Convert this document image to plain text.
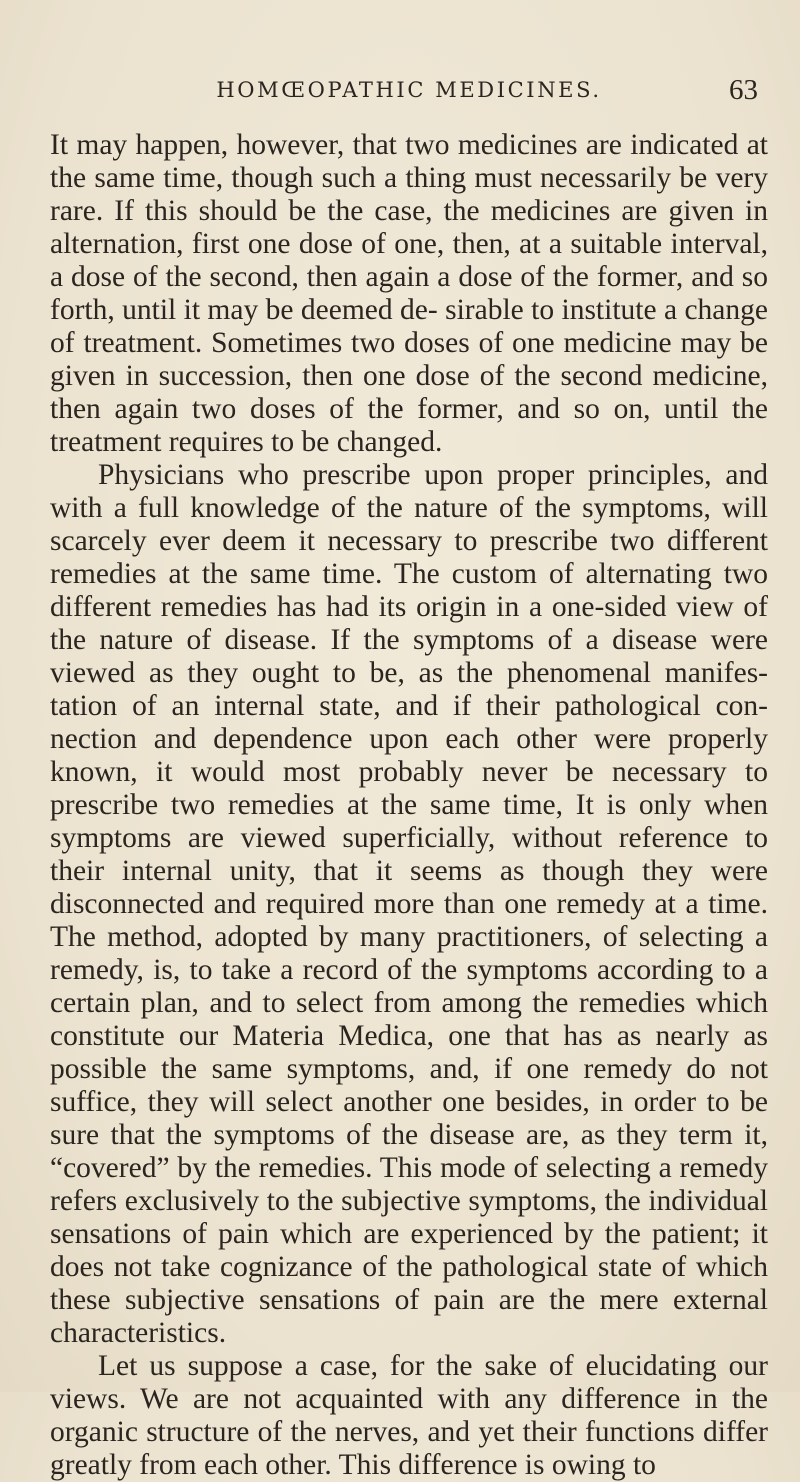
HOMŒOPATHIC MEDICINES.	63

It may happen, however, that two medicines are indicated at the same time, though such a thing must necessarily be very rare. If this should be the case, the medicines are given in alternation, first one dose of one, then, at a suitable interval, a dose of the second, then again a dose of the former, and so forth, until it may be deemed de- sirable to institute a change of treatment. Sometimes two doses of one medicine may be given in succession, then one dose of the second medicine, then again two doses of the former, and so on, until the treatment requires to be changed.

Physicians who prescribe upon proper principles, and with a full knowledge of the nature of the symptoms, will scarcely ever deem it necessary to prescribe two different remedies at the same time. The custom of alternating two different remedies has had its origin in a one-sided view of the nature of disease. If the symptoms of a disease were viewed as they ought to be, as the phenomenal manifes- tation of an internal state, and if their pathological con- nection and dependence upon each other were properly known, it would most probably never be necessary to prescribe two remedies at the same time, It is only when symptoms are viewed superficially, without reference to their internal unity, that it seems as though they were disconnected and required more than one remedy at a time. The method, adopted by many practitioners, of selecting a remedy, is, to take a record of the symptoms according to a certain plan, and to select from among the remedies which constitute our Materia Medica, one that has as nearly as possible the same symptoms, and, if one remedy do not suffice, they will select another one besides, in order to be sure that the symptoms of the disease are, as they term it, “covered” by the remedies. This mode of selecting a remedy refers exclusively to the subjective symptoms, the individual sensations of pain which are experienced by the patient; it does not take cognizance of the pathological state of which these subjective sensations of pain are the mere external characteristics.

Let us suppose a case, for the sake of elucidating our views. We are not acquainted with any difference in the organic structure of the nerves, and yet their functions differ greatly from each other. This difference is owing to
